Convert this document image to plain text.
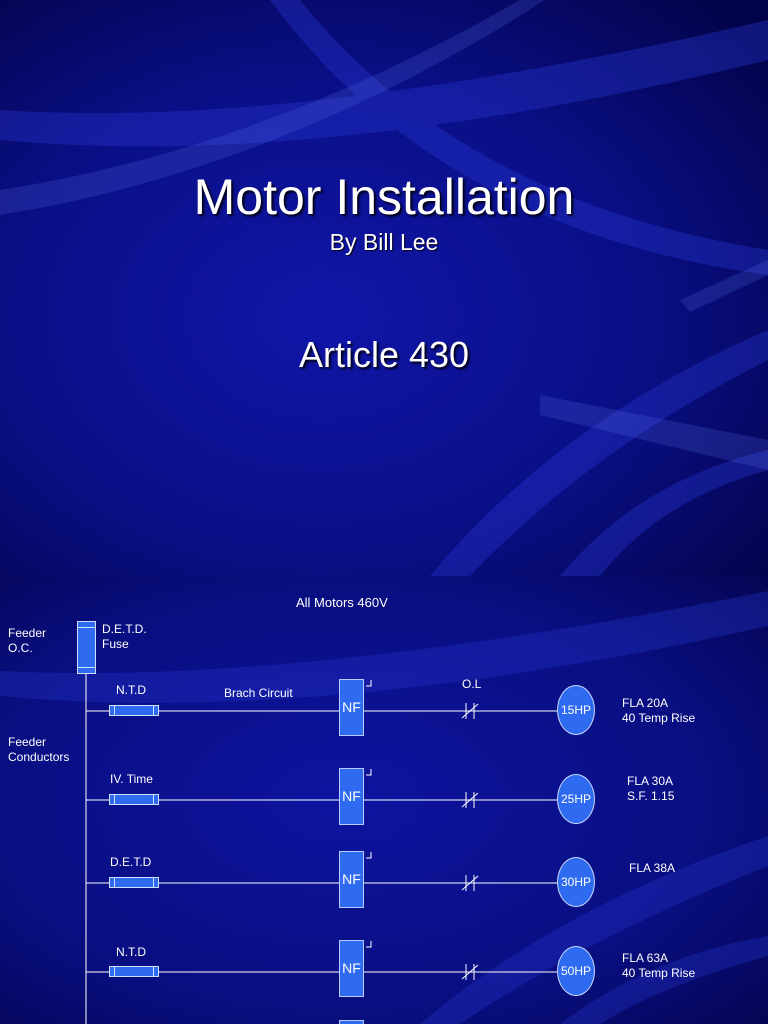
Motor Installation
By Bill Lee
Article 430
All Motors 460V
Feeder
O.C.
Feeder
Conductors
D.E.T.D.
Fuse
Brach Circuit
O.L
N.T.D
NF	15HP	FLA 20A
40 Temp Rise
IV. Time
NF	25HP
FLA 30A
S.F. 1.15
D.E.T.D
NF	30HP
FLA 38A
N.T.D
NF	50HP
FLA 63A
40 Temp Rise
